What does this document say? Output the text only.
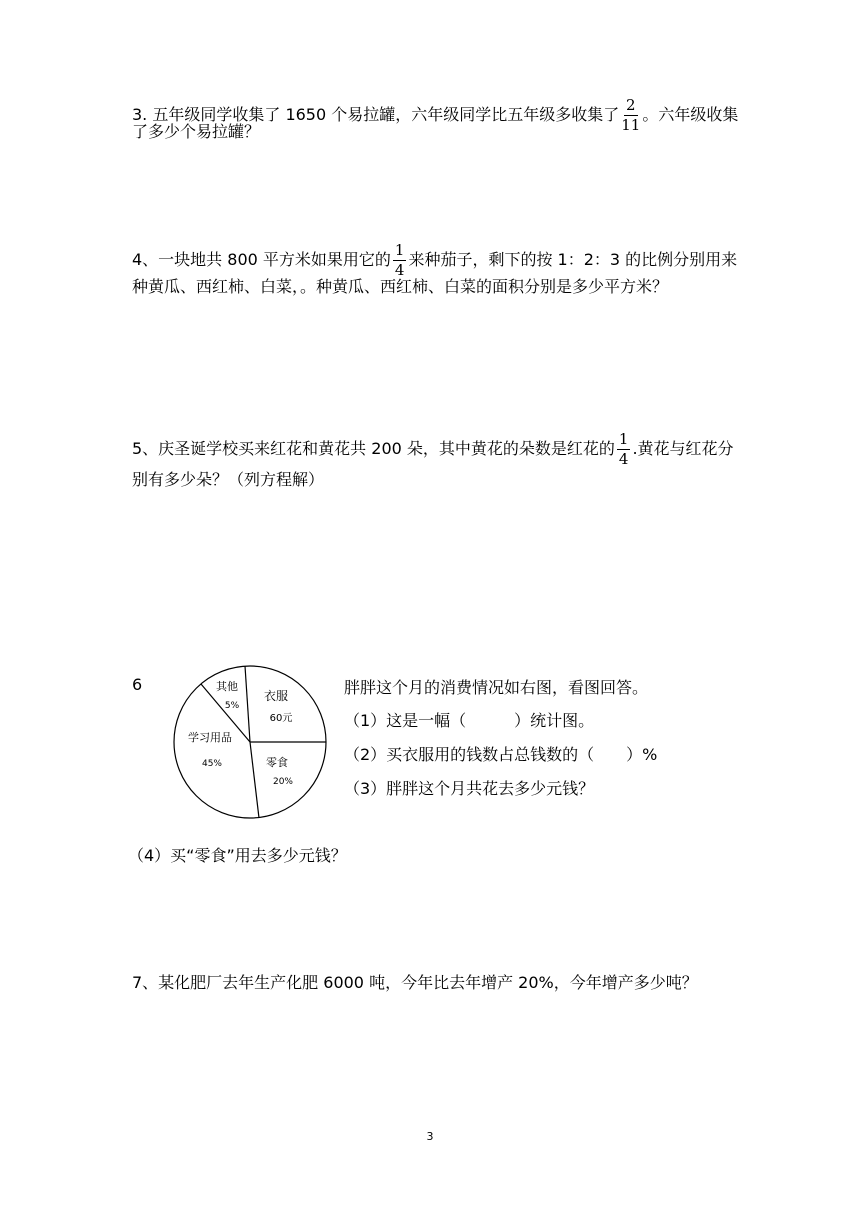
3. 五年级同学收集了 1650 个易拉罐，六年级同学比五年级多收集了 $\frac{2}{11}$ 。六年级收集
了多少个易拉罐？
4、一块地共 800 平方米如果用它的 $\frac{1}{4}$ 来种茄子，剩下的按 1：2：3 的比例分别用来
种黄瓜、西红柿、白菜，。种黄瓜、西红柿、白菜的面积分别是多少平方米？
5、庆圣诞学校买来红花和黄花共 200 朵，其中黄花的朵数是红花的 $\frac{1}{4}$ .黄花与红花分
别有多少朵？（列方程解）
6	其他
5%
衣服
60元
学习用品
45%	零食
20%
胖胖这个月的消费情况如右图，看图回答。
（1）这是一幅（　　　）统计图。
（2）买衣服用的钱数占总钱数的（　　）%
（3）胖胖这个月共花去多少元钱？
（4）买“零食”用去多少元钱？
7、某化肥厂去年生产化肥 6000 吨，今年比去年增产 20%，今年增产多少吨？
3
